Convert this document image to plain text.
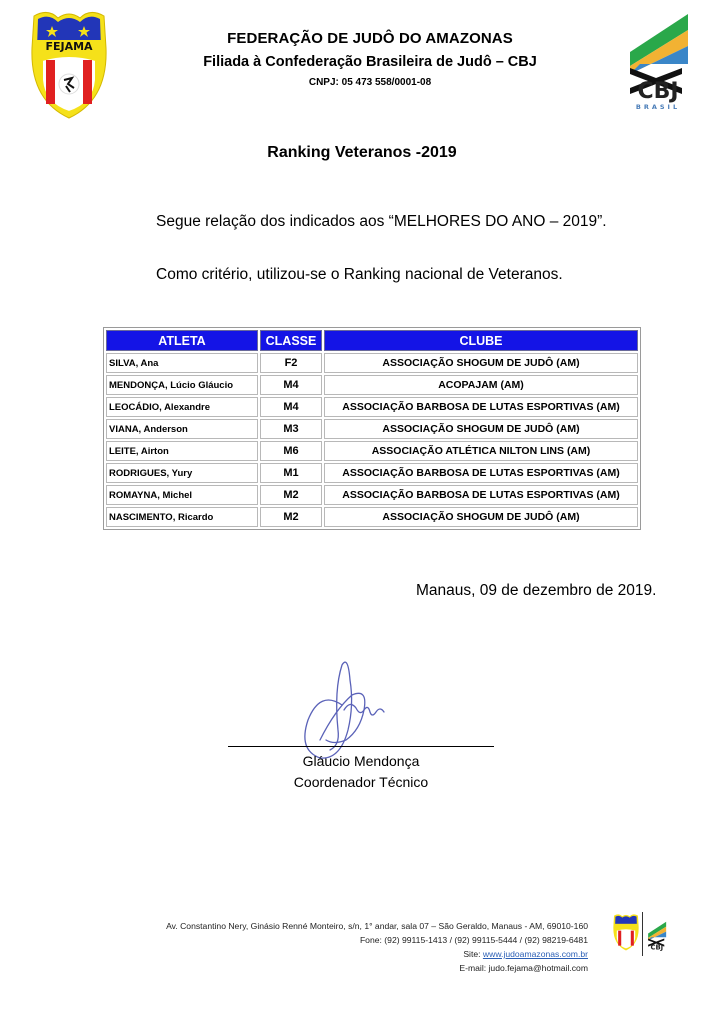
FEJAMA
CBJ
BRASIL
FEDERAÇÃO DE JUDÔ DO AMAZONAS
Filiada à Confederação Brasileira de Judô – CBJ
CNPJ: 05 473 558/0001-08
Ranking Veteranos -2019
Segue relação dos indicados aos “MELHORES DO ANO – 2019”.
Como critério, utilizou-se o Ranking nacional de Veteranos.
ATLETA	CLASSE	CLUBE
SILVA, Ana	F2	ASSOCIAÇÃO SHOGUM DE JUDÔ (AM)
MENDONÇA, Lúcio Gláucio	M4	ACOPAJAM (AM)
LEOCÁDIO, Alexandre	M4	ASSOCIAÇÃO BARBOSA DE LUTAS ESPORTIVAS (AM)
VIANA, Anderson	M3	ASSOCIAÇÃO SHOGUM DE JUDÔ (AM)
LEITE, Airton	M6	ASSOCIAÇÃO ATLÉTICA NILTON LINS (AM)
RODRIGUES, Yury	M1	ASSOCIAÇÃO BARBOSA DE LUTAS ESPORTIVAS (AM)
ROMAYNA, Michel	M2	ASSOCIAÇÃO BARBOSA DE LUTAS ESPORTIVAS (AM)
NASCIMENTO, Ricardo	M2	ASSOCIAÇÃO SHOGUM DE JUDÔ (AM)
Manaus, 09 de dezembro de 2019.
Gláucio Mendonça
Coordenador Técnico
Av. Constantino Nery, Ginásio Renné Monteiro, s/n, 1° andar, sala 07 – São Geraldo, Manaus - AM, 69010-160
Fone: (92) 99115-1413 / (92) 99115-5444 / (92) 98219-6481
Site: www.judoamazonas.com.br
E-mail: judo.fejama@hotmail.com
CBJ
